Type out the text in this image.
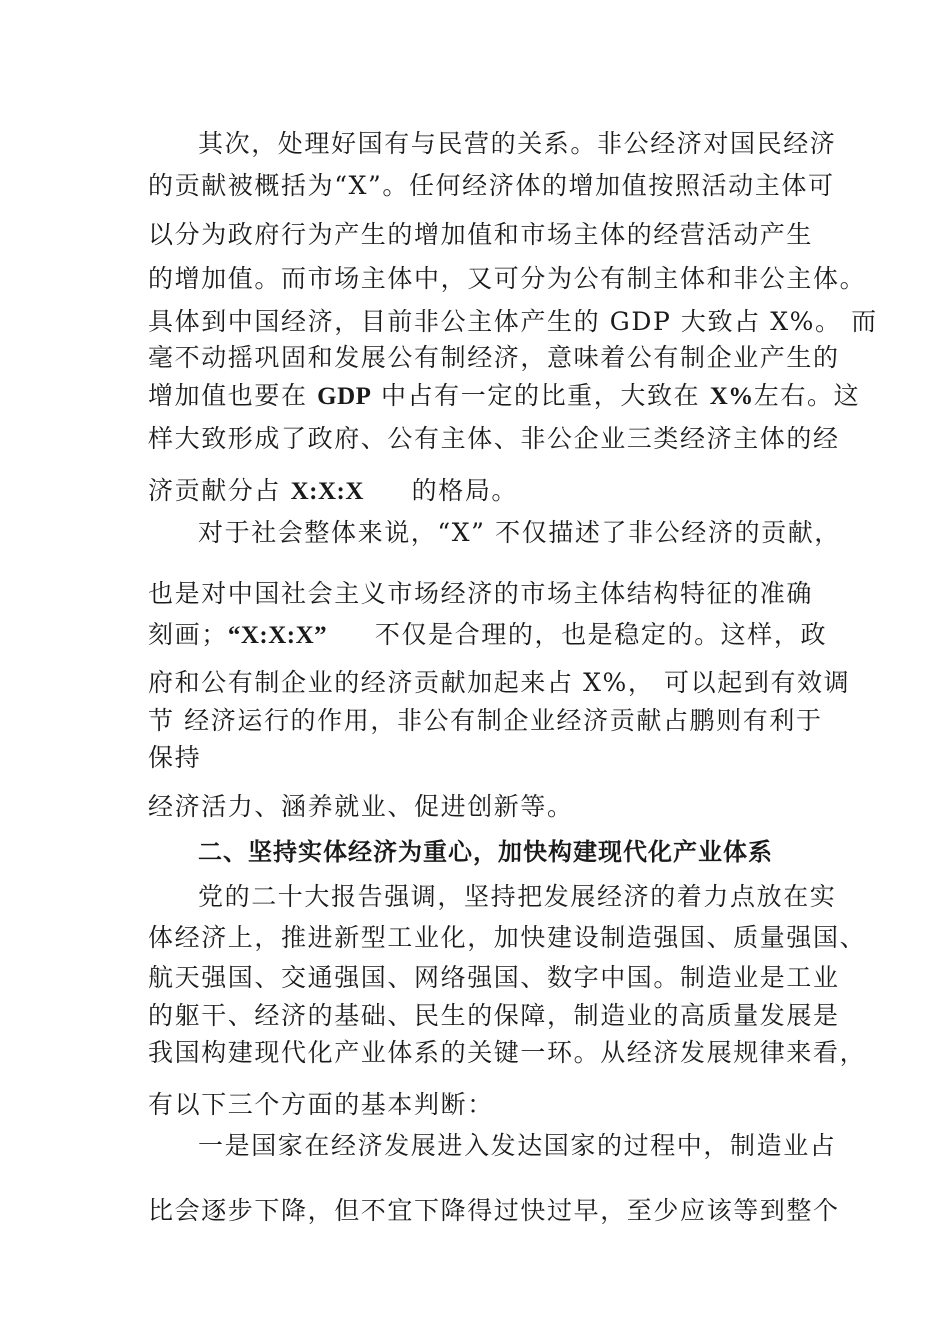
其次，处理好国有与民营的关系。非公经济对国民经济
的贡献被概括为“X”。任何经济体的增加值按照活动主体可
以分为政府行为产生的增加值和市场主体的经营活动产生
的增加值。而市场主体中，又可分为公有制主体和非公主体。
具体到中国经济，目前非公主体产生的 GDP 大致占 X%。 而
毫不动摇巩固和发展公有制经济，意味着公有制企业产生的
增加值也要在 GDP 中占有一定的比重，大致在 X%左右。这
样大致形成了政府、公有主体、非公企业三类经济主体的经
济贡献分占 X:X:X     的格局。
对于社会整体来说，“X” 不仅描述了非公经济的贡献，
也是对中国社会主义市场经济的市场主体结构特征的准确
刻画；“X:X:X”     不仅是合理的，也是稳定的。这样，政
府和公有制企业的经济贡献加起来占 X%， 可以起到有效调
节 经济运行的作用，非公有制企业经济贡献占鹏则有利于
保持
经济活力、涵养就业、促进创新等。
二、坚持实体经济为重心，加快构建现代化产业体系
党的二十大报告强调，坚持把发展经济的着力点放在实
体经济上，推进新型工业化，加快建设制造强国、质量强国、
航天强国、交通强国、网络强国、数字中国。制造业是工业
的躯干、经济的基础、民生的保障，制造业的高质量发展是
我国构建现代化产业体系的关键一环。从经济发展规律来看，
有以下三个方面的基本判断：
一是国家在经济发展进入发达国家的过程中，制造业占
比会逐步下降，但不宜下降得过快过早，至少应该等到整个
